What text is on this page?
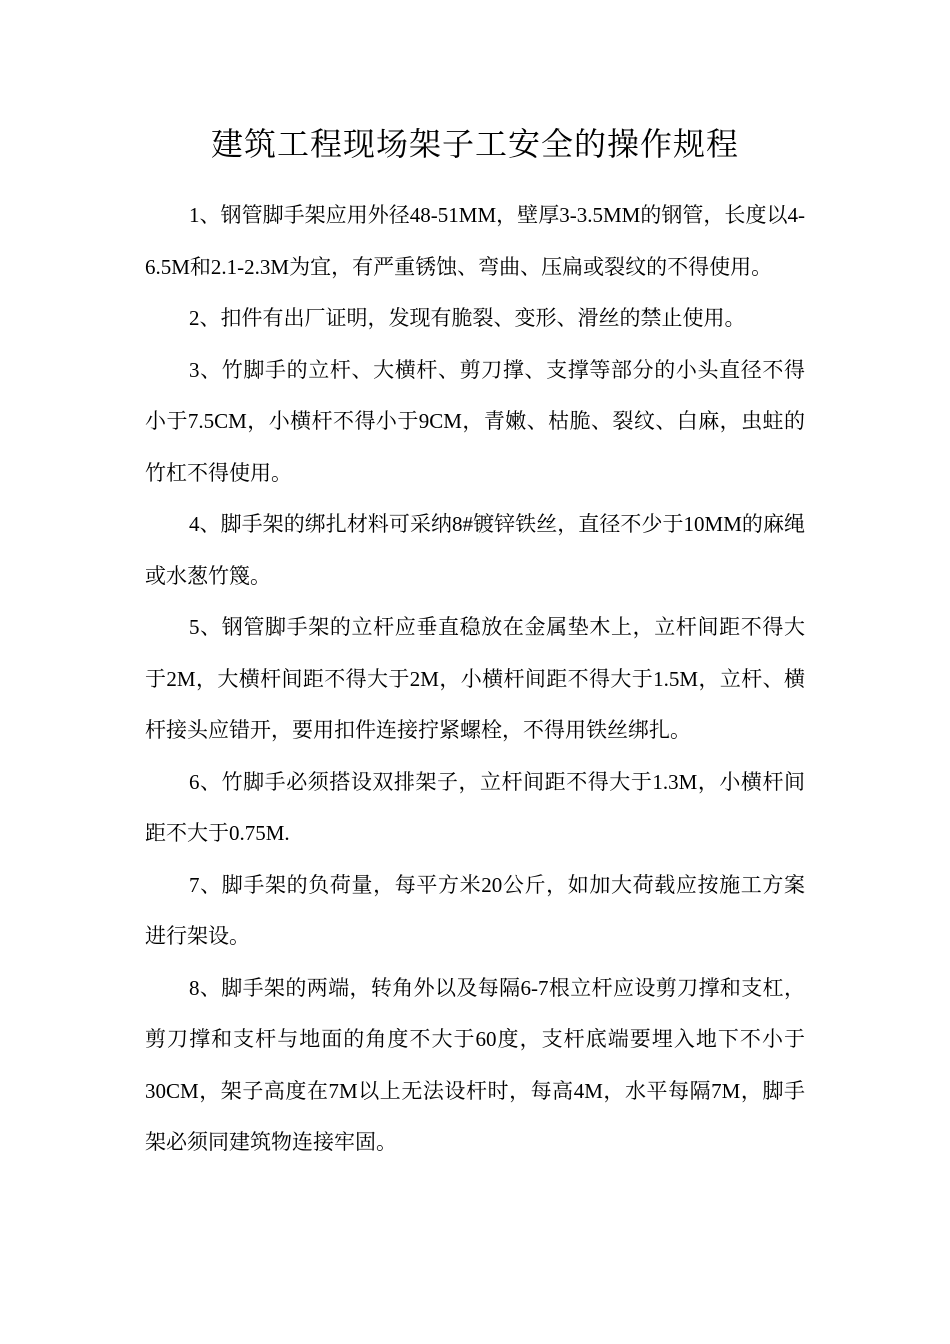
建筑工程现场架子工安全的操作规程

1、钢管脚手架应用外径48-51MM，壁厚3-3.5MM的钢管，长度以4-6.5M和2.1-2.3M为宜，有严重锈蚀、弯曲、压扁或裂纹的不得使用。

2、扣件有出厂证明，发现有脆裂、变形、滑丝的禁止使用。

3、竹脚手的立杆、大横杆、剪刀撑、支撑等部分的小头直径不得小于7.5CM，小横杆不得小于9CM，青嫩、枯脆、裂纹、白麻，虫蛀的竹杠不得使用。

4、脚手架的绑扎材料可采纳8#镀锌铁丝，直径不少于10MM的麻绳或水葱竹篾。

5、钢管脚手架的立杆应垂直稳放在金属垫木上，立杆间距不得大于2M，大横杆间距不得大于2M，小横杆间距不得大于1.5M，立杆、横杆接头应错开，要用扣件连接拧紧螺栓，不得用铁丝绑扎。

6、竹脚手必须搭设双排架子，立杆间距不得大于1.3M，小横杆间距不大于0.75M.

7、脚手架的负荷量，每平方米20公斤，如加大荷载应按施工方案进行架设。

8、脚手架的两端，转角外以及每隔6-7根立杆应设剪刀撑和支杠，剪刀撑和支杆与地面的角度不大于60度，支杆底端要埋入地下不小于30CM，架子高度在7M以上无法设杆时，每高4M，水平每隔7M，脚手架必须同建筑物连接牢固。
